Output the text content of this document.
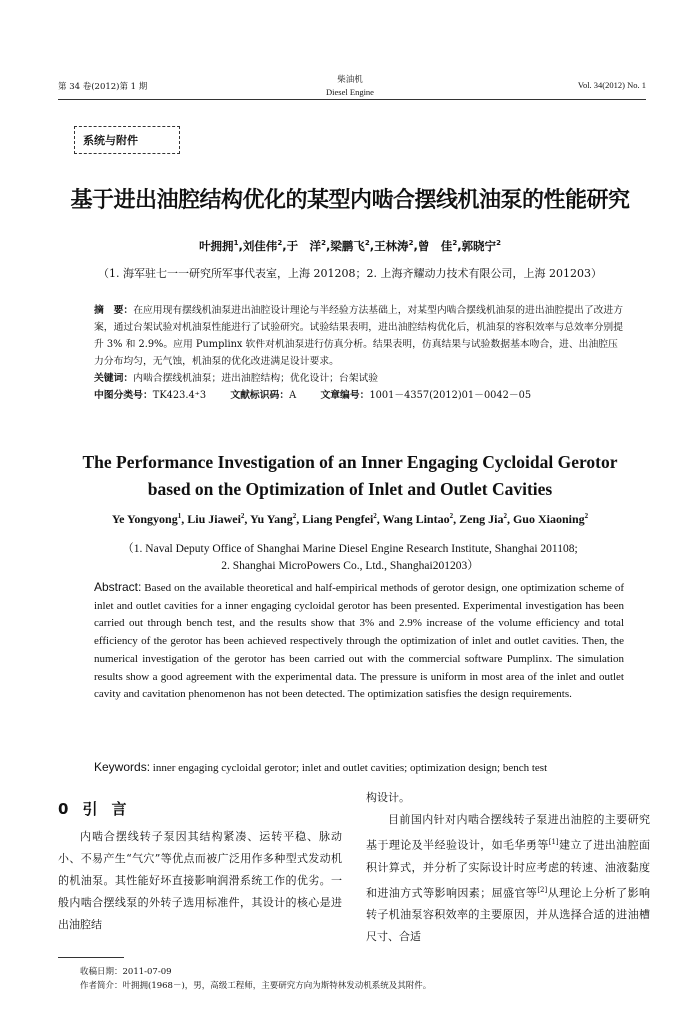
第 34 卷(2012)第 1 期
柴油机
Diesel Engine
Vol. 34(2012) No. 1
系统与附件
基于进出油腔结构优化的某型内啮合摆线机油泵的性能研究
叶拥拥$^1$,刘佳伟$^2$,于　洋$^2$,梁鹏飞$^2$,王林涛$^2$,曾　佳$^2$,郭晓宁$^2$
（1. 海军驻七一一研究所军事代表室，上海 201208；2. 上海齐耀动力技术有限公司，上海 201203）
摘　要：在应用现有摆线机油泵进出油腔设计理论与半经验方法基础上，对某型内啮合摆线机油泵的进出油腔提出了改进方案，通过台架试验对机油泵性能进行了试验研究。试验结果表明，进出油腔结构优化后，机油泵的容积效率与总效率分别提升 3% 和 2.9%。应用 Pumplinx 软件对机油泵进行仿真分析。结果表明，仿真结果与试验数据基本吻合，进、出油腔压力分布均匀，无气蚀，机油泵的优化改进满足设计要求。
关键词：内啮合摆线机油泵；进出油腔结构；优化设计；台架试验
中图分类号：TK423.4⁺3 文献标识码：A 文章编号：1001－4357(2012)01－0042－05
The Performance Investigation of an Inner Engaging Cycloidal Gerotor
based on the Optimization of Inlet and Outlet Cavities
Ye Yongyong$^1$, Liu Jiawei$^2$, Yu Yang$^2$, Liang Pengfei$^2$, Wang Lintao$^2$, Zeng Jia$^2$, Guo Xiaoning$^2$
（1. Naval Deputy Office of Shanghai Marine Diesel Engine Research Institute, Shanghai 201108;
2. Shanghai MicroPowers Co., Ltd., Shanghai201203）
Abstract: Based on the available theoretical and half-empirical methods of gerotor design, one optimization scheme of inlet and outlet cavities for a inner engaging cycloidal gerotor has been presented. Experimental investigation has been carried out through bench test, and the results show that 3% and 2.9% increase of the volume efficiency and total efficiency of the gerotor has been achieved respectively through the optimization of inlet and outlet cavities. Then, the numerical investigation of the gerotor has been carried out with the commercial software Pumplinx. The simulation results show a good agreement with the experimental data. The pressure is uniform in most area of the inlet and outlet cavity and cavitation phenomenon has not been detected. The optimization satisfies the design requirements.
Keywords: inner engaging cycloidal gerotor; inlet and outlet cavities; optimization design; bench test
0引言
内啮合摆线转子泵因其结构紧凑、运转平稳、脉动小、不易产生“气穴”等优点而被广泛用作多种型式发动机的机油泵。其性能好坏直接影响润滑系统工作的优劣。一般内啮合摆线泵的外转子选用标准件，其设计的核心是进出油腔结
构设计。
目前国内针对内啮合摆线转子泵进出油腔的主要研究基于理论及半经验设计，如毛华勇等[1]建立了进出油腔面积计算式，并分析了实际设计时应考虑的转速、油液黏度和进油方式等影响因素；屈盛官等[2]从理论上分析了影响转子机油泵容积效率的主要原因，并从选择合适的进油槽尺寸、合适
收稿日期：2011-07-09
作者简介：叶拥拥(1968－)，男，高级工程师，主要研究方向为斯特林发动机系统及其附件。
